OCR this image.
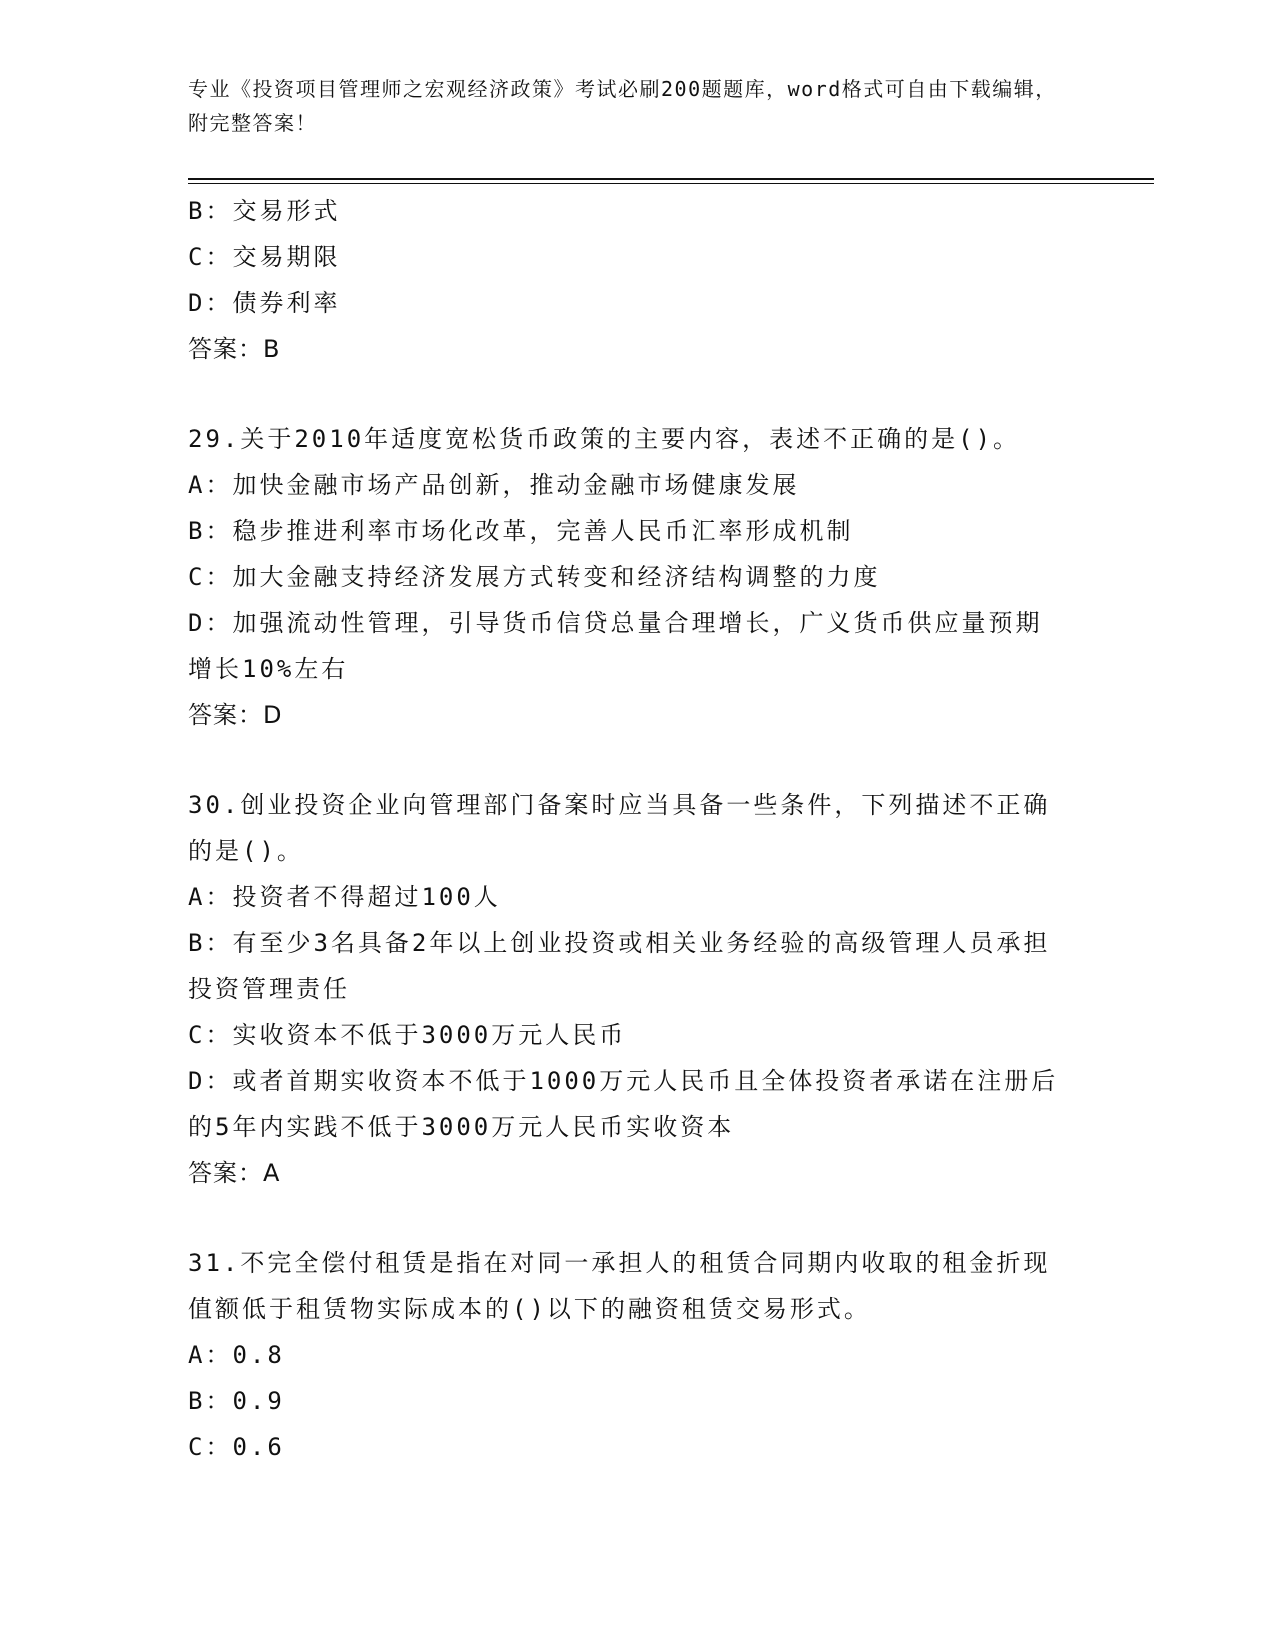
专业《投资项目管理师之宏观经济政策》考试必刷200题题库，word格式可自由下载编辑，附完整答案！
B：交易形式
C：交易期限
D：债券利率
答案：B
29.关于2010年适度宽松货币政策的主要内容，表述不正确的是()。
A：加快金融市场产品创新，推动金融市场健康发展
B：稳步推进利率市场化改革，完善人民币汇率形成机制
C：加大金融支持经济发展方式转变和经济结构调整的力度
D：加强流动性管理，引导货币信贷总量合理增长，广义货币供应量预期增长10%左右
答案：D
30.创业投资企业向管理部门备案时应当具备一些条件，下列描述不正确的是()。
A：投资者不得超过100人
B：有至少3名具备2年以上创业投资或相关业务经验的高级管理人员承担投资管理责任
C：实收资本不低于3000万元人民币
D：或者首期实收资本不低于1000万元人民币且全体投资者承诺在注册后的5年内实践不低于3000万元人民币实收资本
答案：A
31.不完全偿付租赁是指在对同一承担人的租赁合同期内收取的租金折现值额低于租赁物实际成本的()以下的融资租赁交易形式。
A：0.8
B：0.9
C：0.6
